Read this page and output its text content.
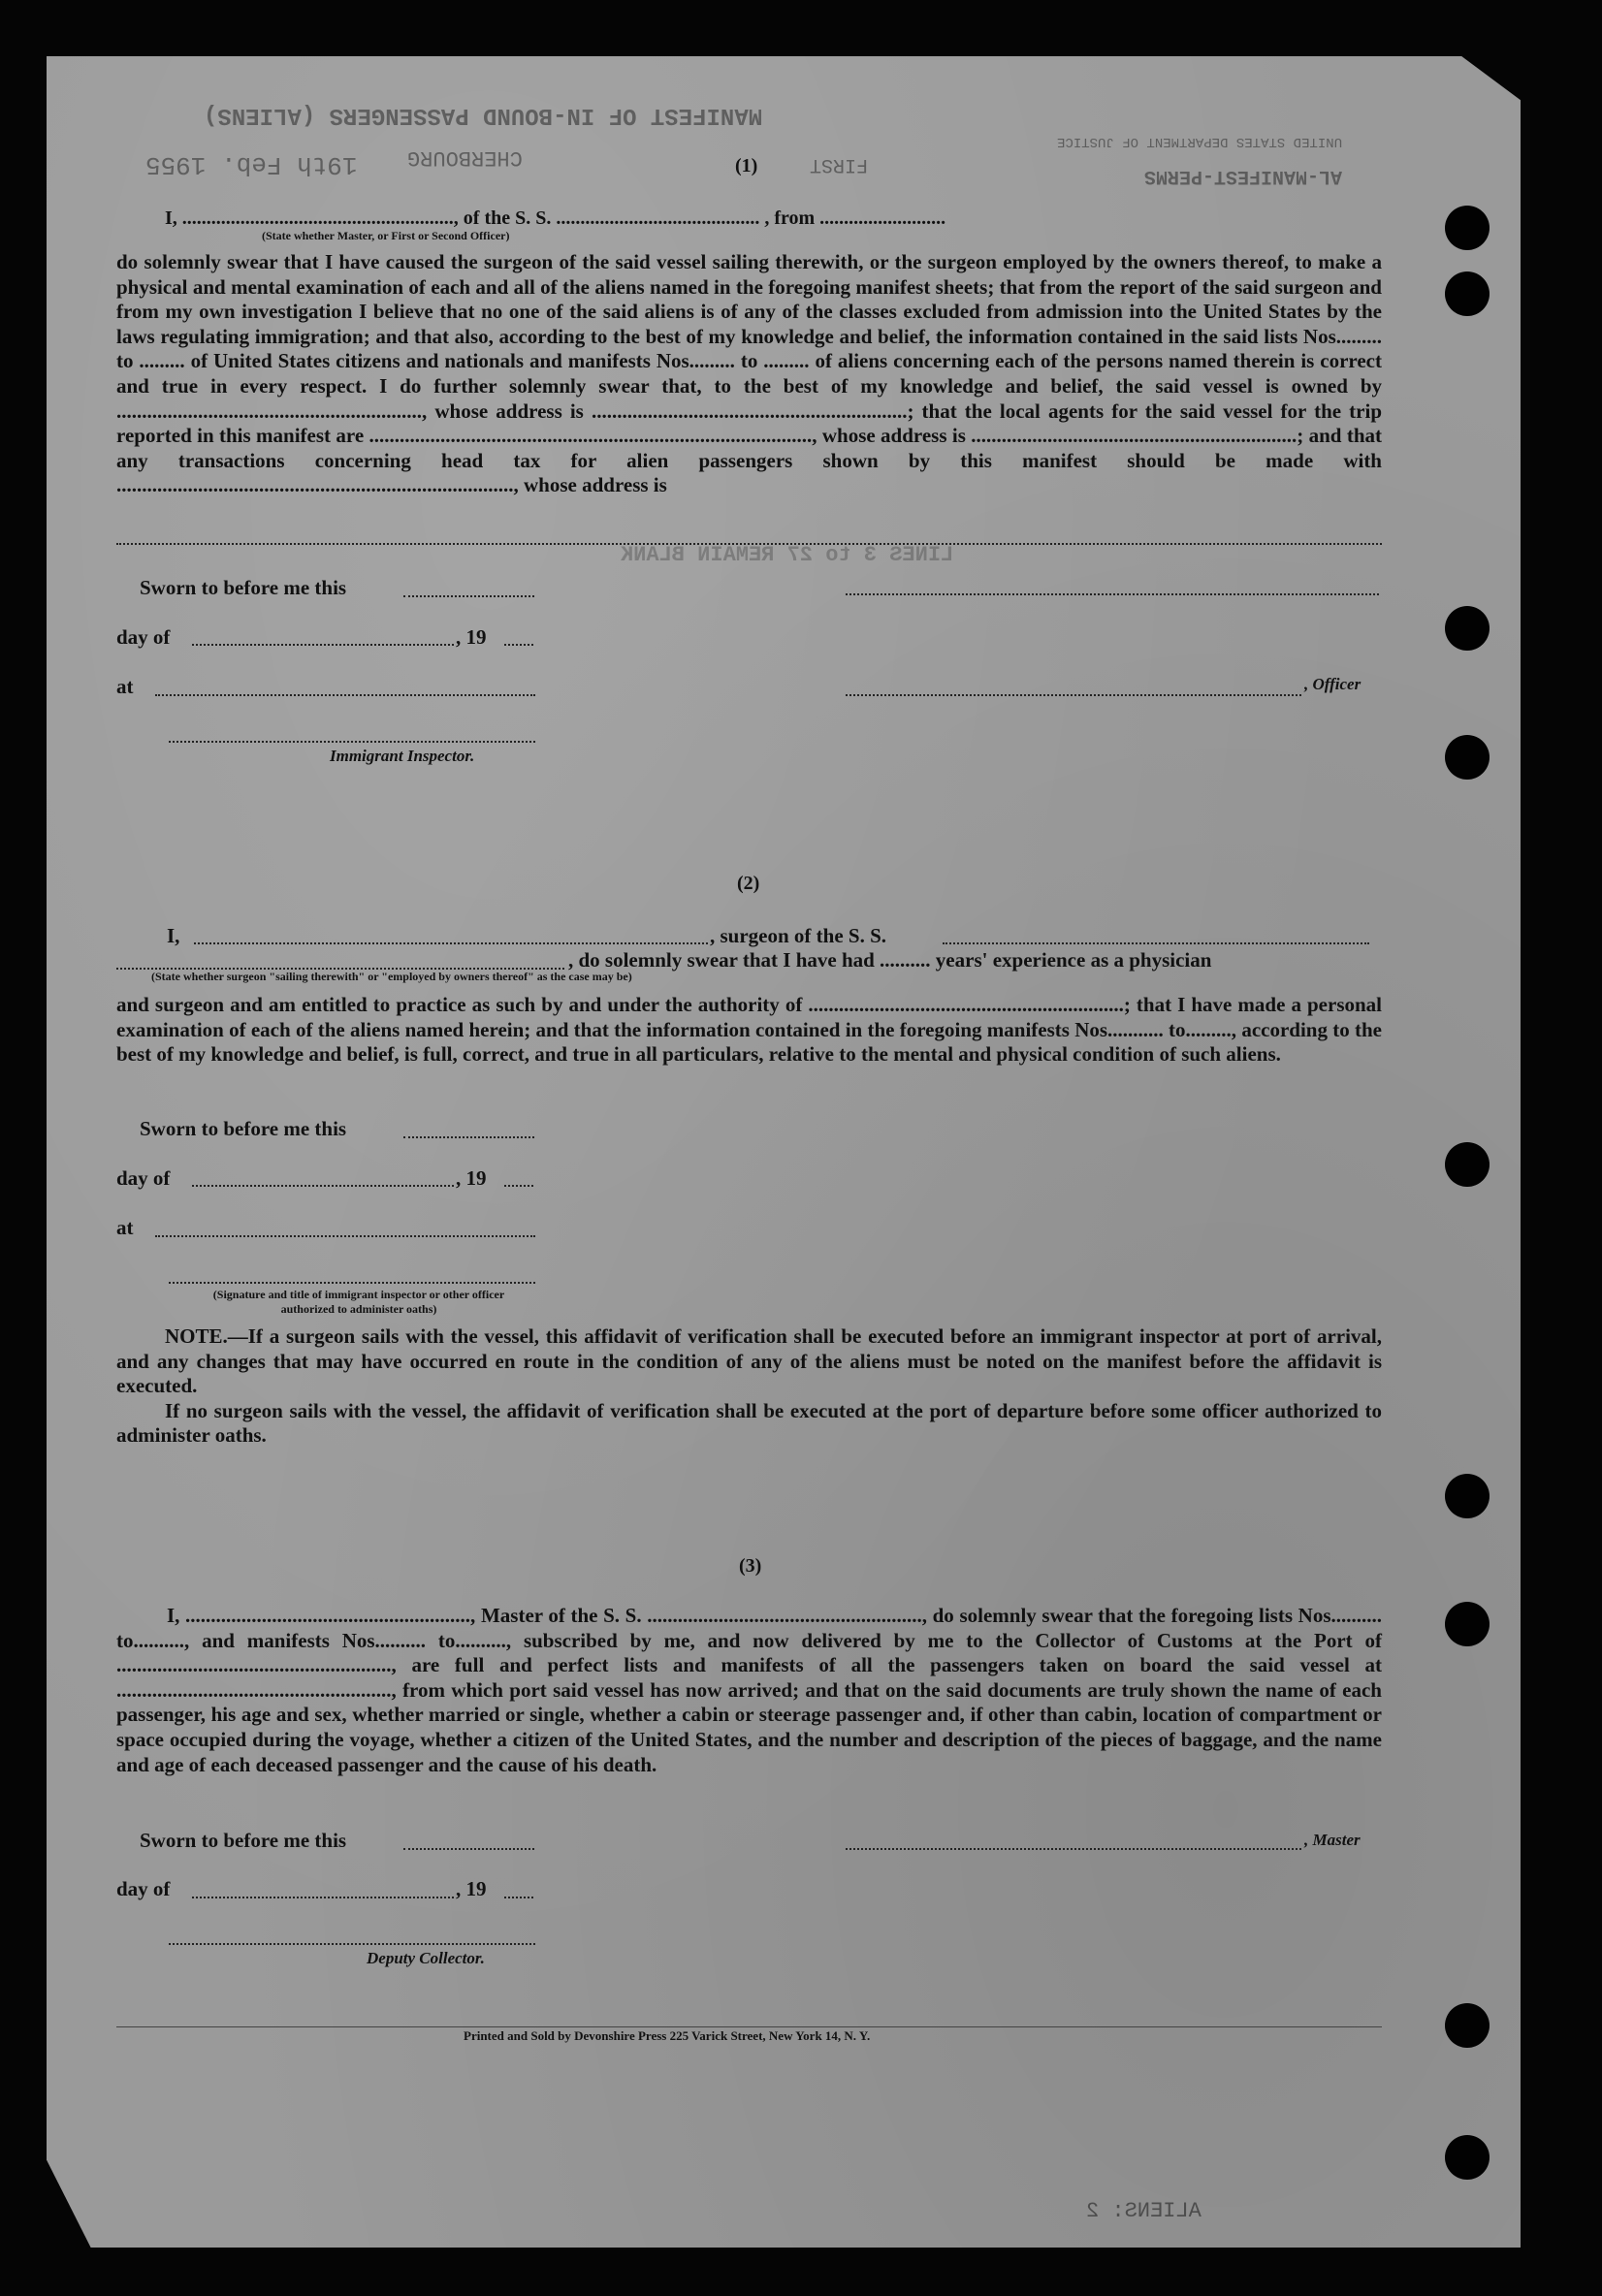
MANIFEST OF IN-BOUND PASSENGERS (ALIENS)
19th Feb. 1955 CHERBOURG	FIRST
UNITED STATES DEPARTMENT OF JUSTICE
AL-MANIFEST-PERMS
(1)
I, ........................................................, of the S. S. .......................................... , from ..........................
(State whether Master, or First or Second Officer)

do solemnly swear that I have caused the surgeon of the said vessel sailing therewith, or the surgeon employed by the owners thereof, to make a physical and mental examination of each and all of the aliens named in the foregoing manifest sheets; that from the report of the said surgeon and from my own investigation I believe that no one of the said aliens is of any of the classes excluded from admission into the United States by the laws regulating immigration; and that also, according to the best of my knowledge and belief, the information contained in the said lists Nos......... to ......... of United States citizens and nationals and manifests Nos......... to ......... of aliens concerning each of the persons named therein is correct and true in every respect. I do further solemnly swear that, to the best of my knowledge and belief, the said vessel is owned by ............................................................, whose address is ..............................................................; that the local agents for the said vessel for the trip reported in this manifest are ......................................................................................., whose address is ................................................................; and that any transactions concerning head tax for alien passengers shown by this manifest should be made with .............................................................................., whose address is

LINES 3 to 27 REMAIN BLANK
Sworn to before me this
day of	, 19
at	, Officer
Immigrant Inspector.
(2)
I,	, surgeon of the S. S.
, do solemnly swear that I have had .......... years' experience as a physician
(State whether surgeon "sailing therewith" or "employed by owners thereof" as the case may be)

and surgeon and am entitled to practice as such by and under the authority of ..............................................................; that I have made a personal examination of each of the aliens named herein; and that the information contained in the foregoing manifests Nos........... to........., according to the best of my knowledge and belief, is full, correct, and true in all particulars, relative to the mental and physical condition of such aliens.

Sworn to before me this
day of	, 19
at
(Signature and title of immigrant inspector or other officer authorized to administer oaths)

NOTE.—If a surgeon sails with the vessel, this affidavit of verification shall be executed before an immigrant inspector at port of arrival, and any changes that may have occurred en route in the condition of any of the aliens must be noted on the manifest before the affidavit is executed.

If no surgeon sails with the vessel, the affidavit of verification shall be executed at the port of departure before some officer authorized to administer oaths.

(3)

I, ........................................................, Master of the S. S. ......................................................, do solemnly swear that the foregoing lists Nos.......... to.........., and manifests Nos.......... to.........., subscribed by me, and now delivered by me to the Collector of Customs at the Port of ......................................................, are full and perfect lists and manifests of all the passengers taken on board the said vessel at ......................................................, from which port said vessel has now arrived; and that on the said documents are truly shown the name of each passenger, his age and sex, whether married or single, whether a cabin or steerage passenger and, if other than cabin, location of compartment or space occupied during the voyage, whether a citizen of the United States, and the number and description of the pieces of baggage, and the name and age of each deceased passenger and the cause of his death.

Sworn to before me this	, Master
day of	, 19
Deputy Collector.
Printed and Sold by Devonshire Press 225 Varick Street, New York 14, N. Y.
ALIENS: 2
